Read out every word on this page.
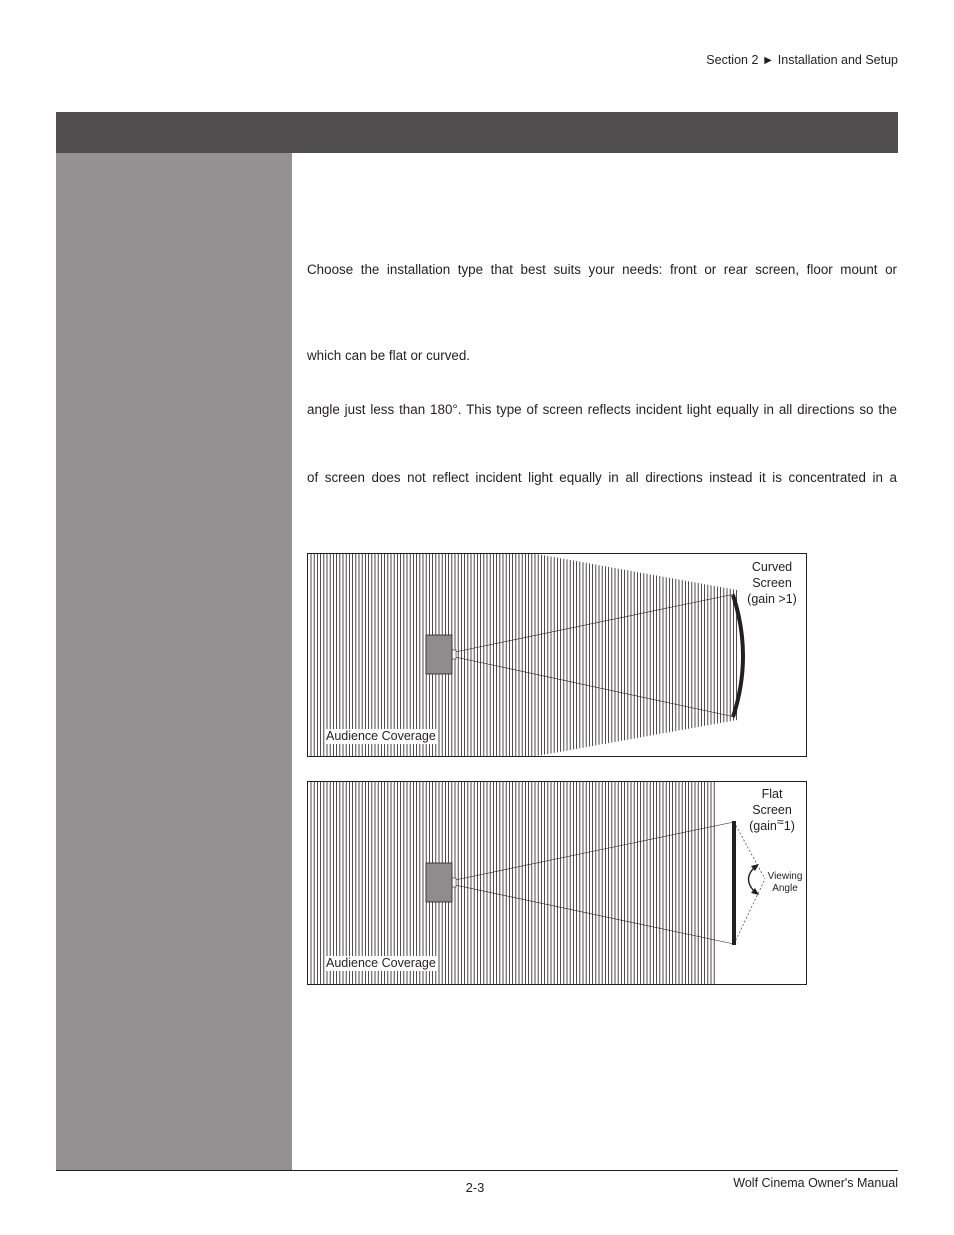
Section 2 ► Installation and Setup

Choose the installation type that best suits your needs: front or rear screen, floor mount or

which can be flat or curved.

angle just less than 180°. This type of screen reflects incident light equally in all directions so the

of screen does not reflect incident light equally in all directions instead it is concentrated in a

Curved
Screen
(gain >1)
Audience Coverage
Flat
Screen
(gain≈1)
Viewing
Angle
Audience Coverage
2-3	Wolf Cinema Owner's Manual
